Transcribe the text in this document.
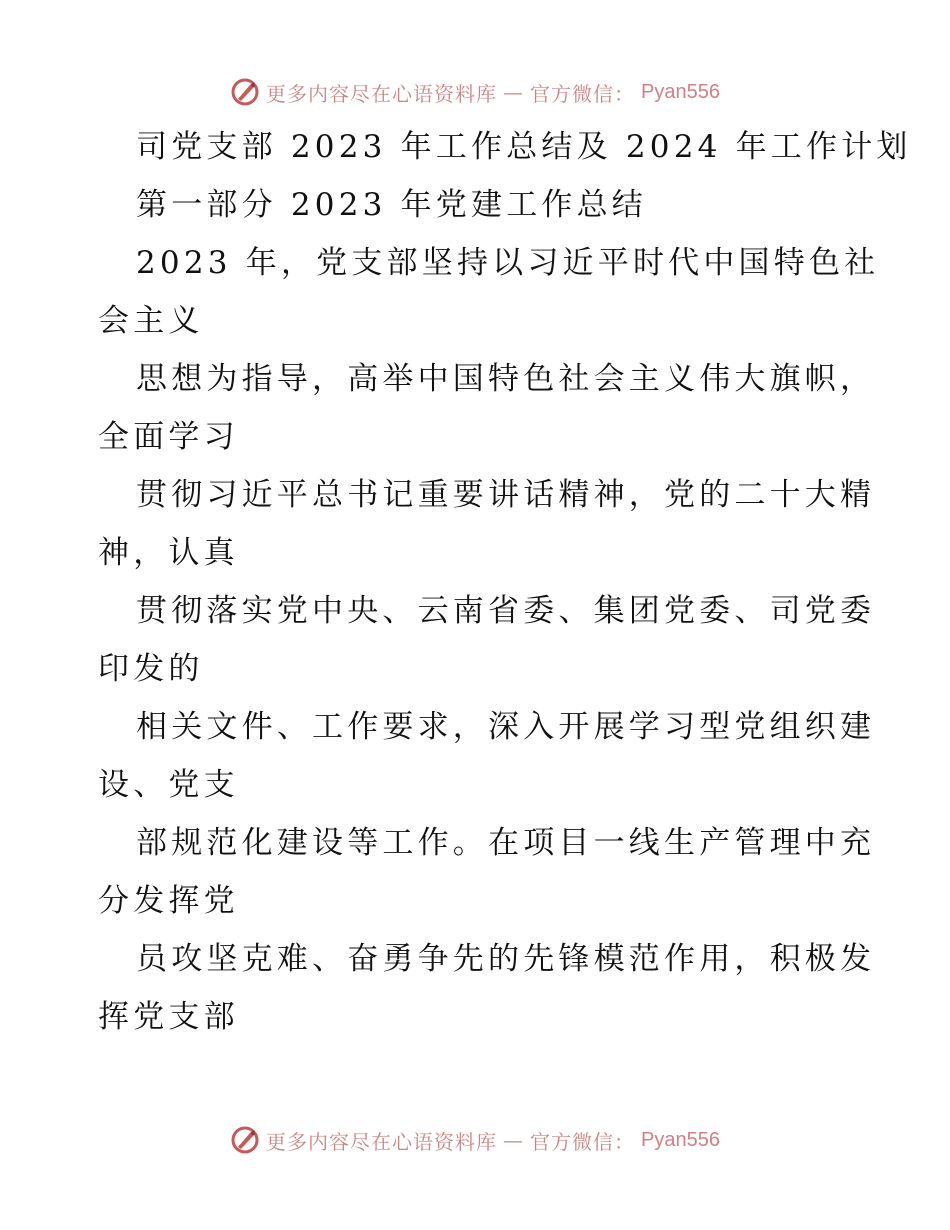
更多内容尽在心语资料库 — 官方微信： Pyan556
司党支部 2023 年工作总结及 2024 年工作计划
第一部分 2023 年党建工作总结
2023 年，党支部坚持以习近平时代中国特色社
会主义
思想为指导，高举中国特色社会主义伟大旗帜，
全面学习
贯彻习近平总书记重要讲话精神，党的二十大精
神，认真
贯彻落实党中央、云南省委、集团党委、司党委
印发的
相关文件、工作要求，深入开展学习型党组织建
设、党支
部规范化建设等工作。在项目一线生产管理中充
分发挥党
员攻坚克难、奋勇争先的先锋模范作用，积极发
挥党支部
更多内容尽在心语资料库 — 官方微信： Pyan556
